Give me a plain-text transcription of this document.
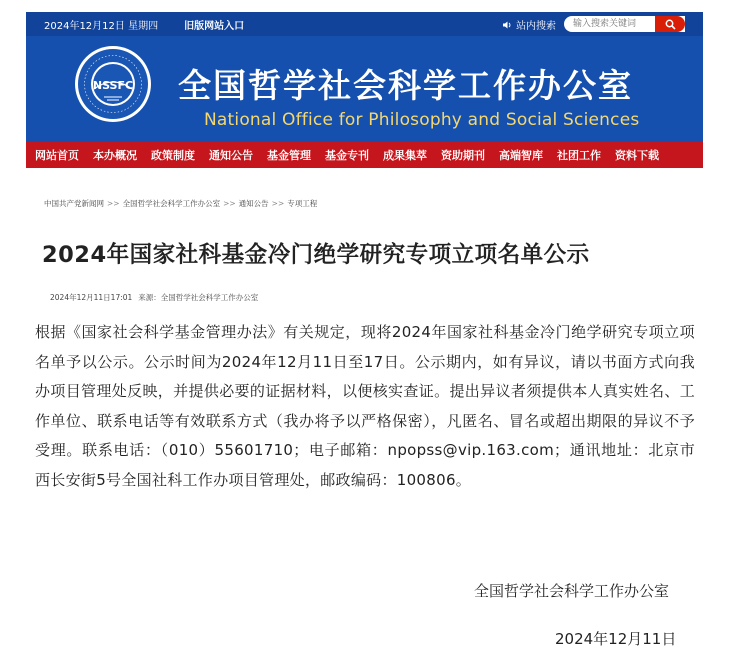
2024年12月12日 星期四	旧版网站入口	站内搜索
输入搜索关键词
NSSFC 全国哲学社会科学工作办公室
National Office for Philosophy and Social Sciences
网站首页 本办概况 政策制度 通知公告 基金管理 基金专刊 成果集萃 资助期刊 高端智库 社团工作 资料下载
中国共产党新闻网 >> 全国哲学社会科学工作办公室 >> 通知公告 >> 专项工程
2024年国家社科基金冷门绝学研究专项立项名单公示
2024年12月11日17:01 来源：全国哲学社会科学工作办公室

根据《国家社会科学基金管理办法》有关规定，现将2024年国家社科基金冷门绝学研究专项立项名单予以公示。公示时间为2024年12月11日至17日。公示期内，如有异议，请以书面方式向我办项目管理处反映，并提供必要的证据材料，以便核实查证。提出异议者须提供本人真实姓名、工作单位、联系电话等有效联系方式（我办将予以严格保密），凡匿名、冒名或超出期限的异议不予受理。联系电话：（010）55601710；电子邮箱：npopss@vip.163.com；通讯地址：北京市西长安街5号全国社科工作办项目管理处，邮政编码：100806。

全国哲学社会科学工作办公室
2024年12月11日
